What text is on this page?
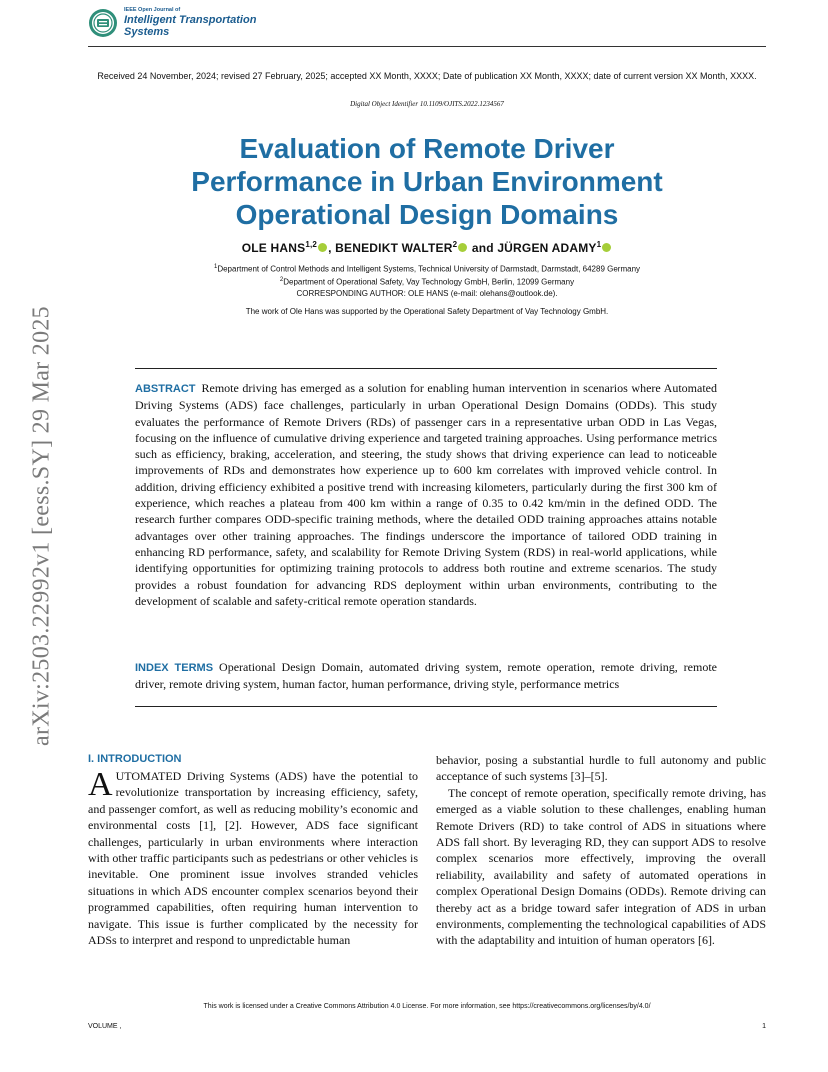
IEEE Open Journal of
Intelligent Transportation
Systems
arXiv:2503.22992v1 [eess.SY] 29 Mar 2025
Received 24 November, 2024; revised 27 February, 2025; accepted XX Month, XXXX; Date of publication XX Month, XXXX; date of current version XX Month, XXXX.
Digital Object Identifier 10.1109/OJITS.2022.1234567
Evaluation of Remote Driver
Performance in Urban Environment
Operational Design Domains
OLE HANS$^{1,2}$ , BENEDIKT WALTER$^2$ and JÜRGEN ADAMY$^1$
$^1$Department of Control Methods and Intelligent Systems, Technical University of Darmstadt, Darmstadt, 64289 Germany
$^2$Department of Operational Safety, Vay Technology GmbH, Berlin, 12099 Germany
CORRESPONDING AUTHOR: OLE HANS (e-mail: olehans@outlook.de).
The work of Ole Hans was supported by the Operational Safety Department of Vay Technology GmbH.
ABSTRACT Remote driving has emerged as a solution for enabling human intervention in scenarios where Automated Driving Systems (ADS) face challenges, particularly in urban Operational Design Domains (ODDs). This study evaluates the performance of Remote Drivers (RDs) of passenger cars in a representative urban ODD in Las Vegas, focusing on the influence of cumulative driving experience and targeted training approaches. Using performance metrics such as efficiency, braking, acceleration, and steering, the study shows that driving experience can lead to noticeable improvements of RDs and demonstrates how experience up to 600 km correlates with improved vehicle control. In addition, driving efficiency exhibited a positive trend with increasing kilometers, particularly during the first 300 km of experience, which reaches a plateau from 400 km within a range of 0.35 to 0.42 km/min in the defined ODD. The research further compares ODD-specific training methods, where the detailed ODD training approaches attains notable advantages over other training approaches. The findings underscore the importance of tailored ODD training in enhancing RD performance, safety, and scalability for Remote Driving System (RDS) in real-world applications, while identifying opportunities for optimizing training protocols to address both routine and extreme scenarios. The study provides a robust foundation for advancing RDS deployment within urban environments, contributing to the development of scalable and safety-critical remote operation standards.
INDEX TERMS Operational Design Domain, automated driving system, remote operation, remote driving, remote driver, remote driving system, human factor, human performance, driving style, performance metrics
I. INTRODUCTION

AUTOMATED Driving Systems (ADS) have the potential to revolutionize transportation by increasing efficiency, safety, and passenger comfort, as well as reducing mobility’s economic and environmental costs [1], [2]. However, ADS face significant challenges, particularly in urban environments where interaction with other traffic participants such as pedestrians or other vehicles is inevitable. One prominent issue involves stranded vehicles situations in which ADS encounter complex scenarios beyond their programmed capabilities, often requiring human intervention to navigate. This issue is further complicated by the necessity for ADSs to interpret and respond to unpredictable human

behavior, posing a substantial hurdle to full autonomy and public acceptance of such systems [3]–[5].

The concept of remote operation, specifically remote driving, has emerged as a viable solution to these challenges, enabling human Remote Drivers (RD) to take control of ADS in situations where ADS fall short. By leveraging RD, they can support ADS to resolve complex scenarios more effectively, improving the overall reliability, availability and safety of automated operations in complex Operational Design Domains (ODDs). Remote driving can thereby act as a bridge toward safer integration of ADS in urban environments, complementing the technological capabilities of ADS with the adaptability and intuition of human operators [6].

This work is licensed under a Creative Commons Attribution 4.0 License. For more information, see https://creativecommons.org/licenses/by/4.0/
VOLUME ,	1
